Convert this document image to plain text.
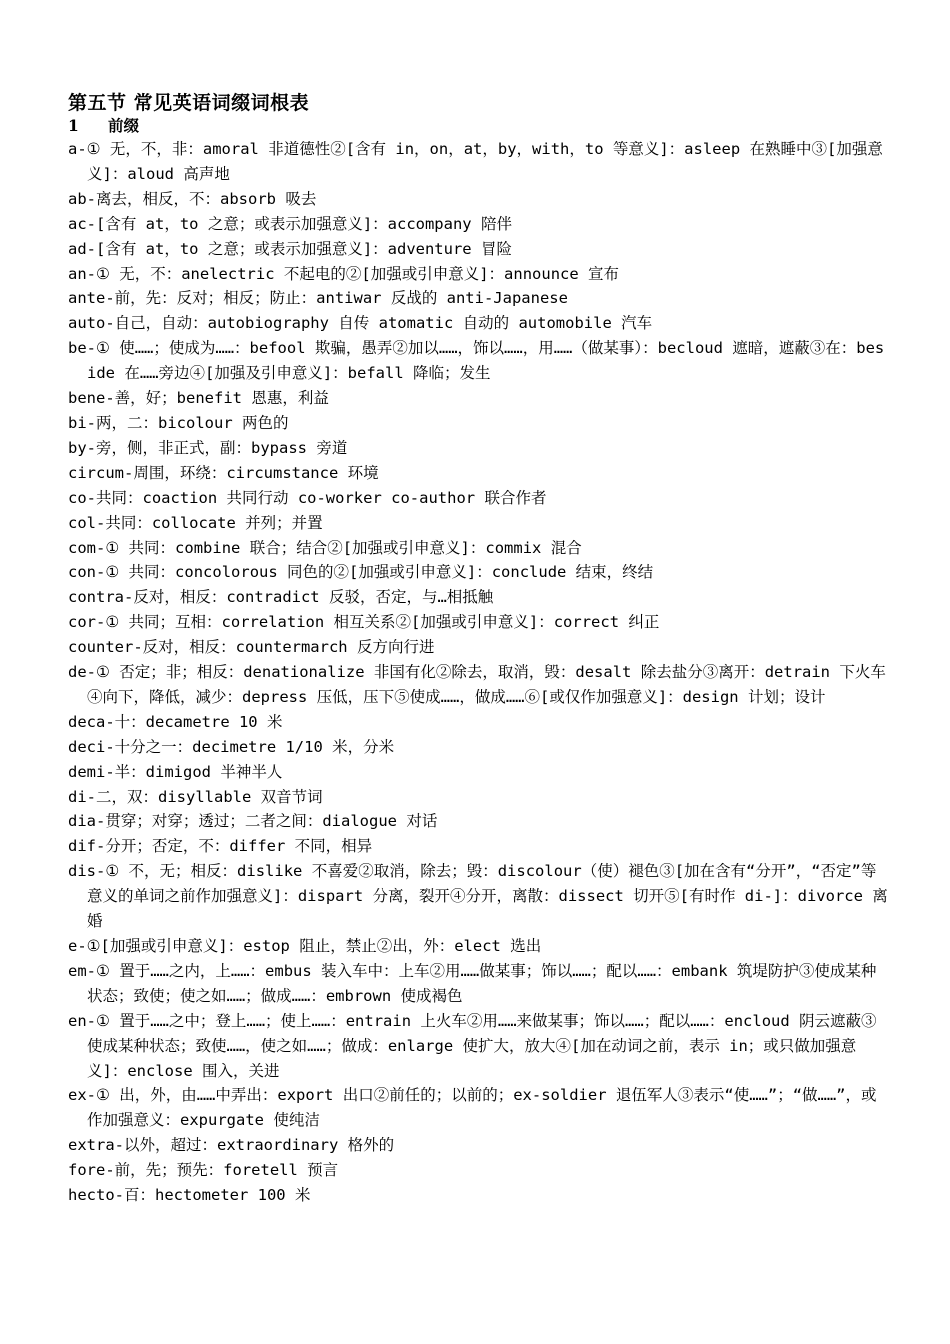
第五节 常见英语词缀词根表
1 前缀
a-① 无，不，非：amoral 非道德性②[含有 in，on，at，by，with，to 等意义]：asleep 在熟睡中③[加强意义]：aloud 高声地
ab-离去，相反，不：absorb 吸去
ac-[含有 at，to 之意；或表示加强意义]：accompany 陪伴
ad-[含有 at，to 之意；或表示加强意义]：adventure 冒险
an-① 无，不：anelectric 不起电的②[加强或引申意义]：announce 宣布
ante-前，先：反对；相反；防止：antiwar 反战的 anti-Japanese
auto-自己，自动：autobiography 自传 atomatic 自动的 automobile 汽车
be-① 使……；使成为……：befool 欺骗，愚弄②加以……，饰以……，用……（做某事）：becloud 遮暗，遮蔽③在：beside 在……旁边④[加强及引申意义]：befall 降临；发生
bene-善，好；benefit 恩惠，利益
bi-两，二：bicolour 两色的
by-旁，侧，非正式，副：bypass 旁道
circum-周围，环绕：circumstance 环境
co-共同：coaction 共同行动 co-worker co-author 联合作者
col-共同：collocate 并列；并置
com-① 共同：combine 联合；结合②[加强或引申意义]：commix 混合
con-① 共同：concolorous 同色的②[加强或引申意义]：conclude 结束，终结
contra-反对，相反：contradict 反驳，否定，与…相抵触
cor-① 共同；互相：correlation 相互关系②[加强或引申意义]：correct 纠正
counter-反对，相反：countermarch 反方向行进
de-① 否定；非；相反：denationalize 非国有化②除去，取消，毁：desalt 除去盐分③离开：detrain 下火车④向下，降低，减少：depress 压低，压下⑤使成……，做成……⑥[或仅作加强意义]：design 计划；设计
deca-十：decametre 10 米
deci-十分之一：decimetre 1/10 米，分米
demi-半：dimigod 半神半人
di-二，双：disyllable 双音节词
dia-贯穿；对穿；透过；二者之间：dialogue 对话
dif-分开；否定，不：differ 不同，相异
dis-① 不，无；相反：dislike 不喜爱②取消，除去；毁：discolour（使）褪色③[加在含有“分开”，“否定”等意义的单词之前作加强意义]：dispart 分离，裂开④分开，离散：dissect 切开⑤[有时作 di-]：divorce 离婚
e-①[加强或引申意义]：estop 阻止，禁止②出，外：elect 选出
em-① 置于……之内，上……：embus 装入车中：上车②用……做某事；饰以……；配以……：embank 筑堤防护③使成某种状态；致使；使之如……；做成……：embrown 使成褐色
en-① 置于……之中；登上……；使上……：entrain 上火车②用……来做某事；饰以……；配以……：encloud 阴云遮蔽③使成某种状态；致使……，使之如……；做成：enlarge 使扩大，放大④[加在动词之前，表示 in；或只做加强意义]：enclose 围入，关进
ex-① 出，外，由……中弄出：export 出口②前任的；以前的；ex-soldier 退伍军人③表示“使……”；“做……”，或作加强意义：expurgate 使纯洁
extra-以外，超过：extraordinary 格外的
fore-前，先；预先：foretell 预言
hecto-百：hectometer 100 米
